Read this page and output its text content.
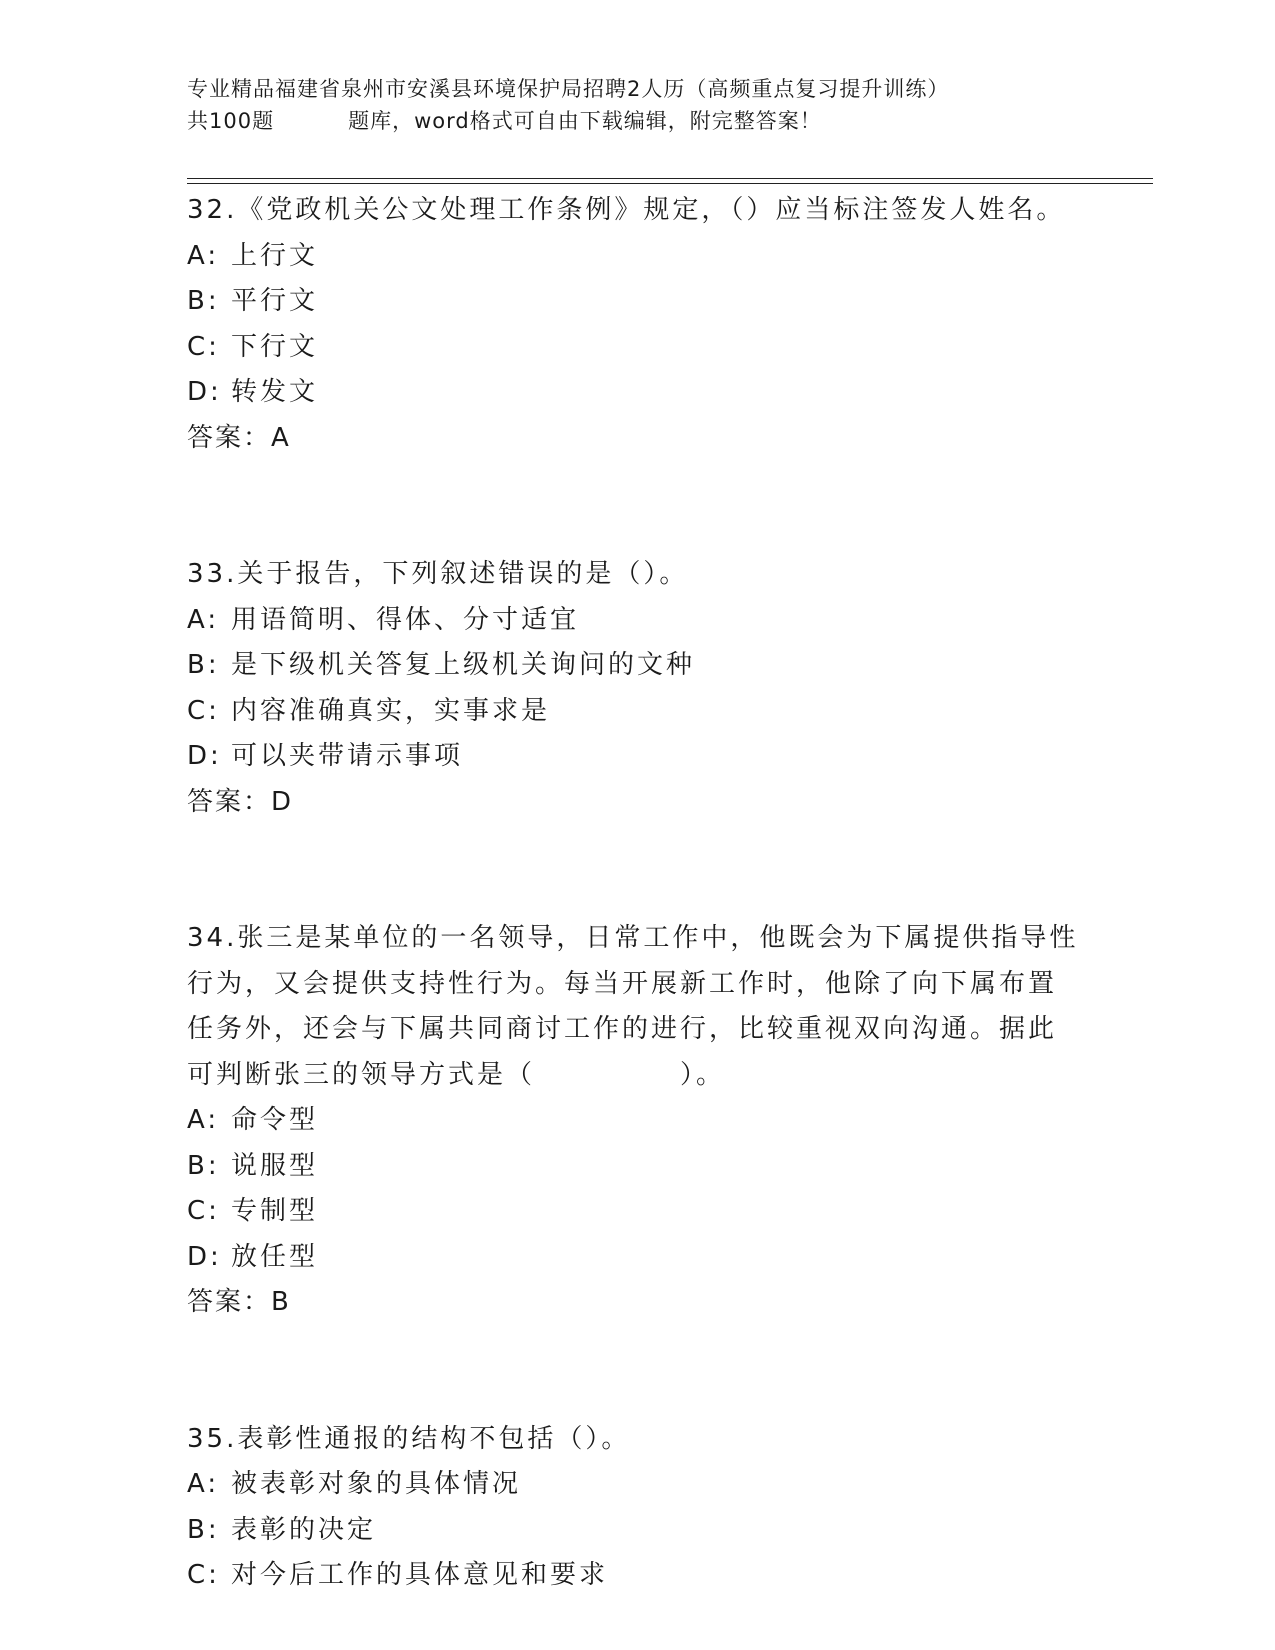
专业精品福建省泉州市安溪县环境保护局招聘2人历（高频重点复习提升训练）
共100题	题库，word格式可自由下载编辑，附完整答案！
32.《党政机关公文处理工作条例》规定，（）应当标注签发人姓名。
A: 上行文
B: 平行文
C: 下行文
D: 转发文
答案：A
33.关于报告，下列叙述错误的是（）。
A: 用语简明、得体、分寸适宜
B: 是下级机关答复上级机关询问的文种
C: 内容准确真实，实事求是
D: 可以夹带请示事项
答案：D
34.张三是某单位的一名领导，日常工作中，他既会为下属提供指导性
行为，又会提供支持性行为。每当开展新工作时，他除了向下属布置
任务外，还会与下属共同商讨工作的进行，比较重视双向沟通。据此
可判断张三的领导方式是（　　　　　）。
A: 命令型
B: 说服型
C: 专制型
D: 放任型
答案：B
35.表彰性通报的结构不包括（）。
A: 被表彰对象的具体情况
B: 表彰的决定
C: 对今后工作的具体意见和要求
